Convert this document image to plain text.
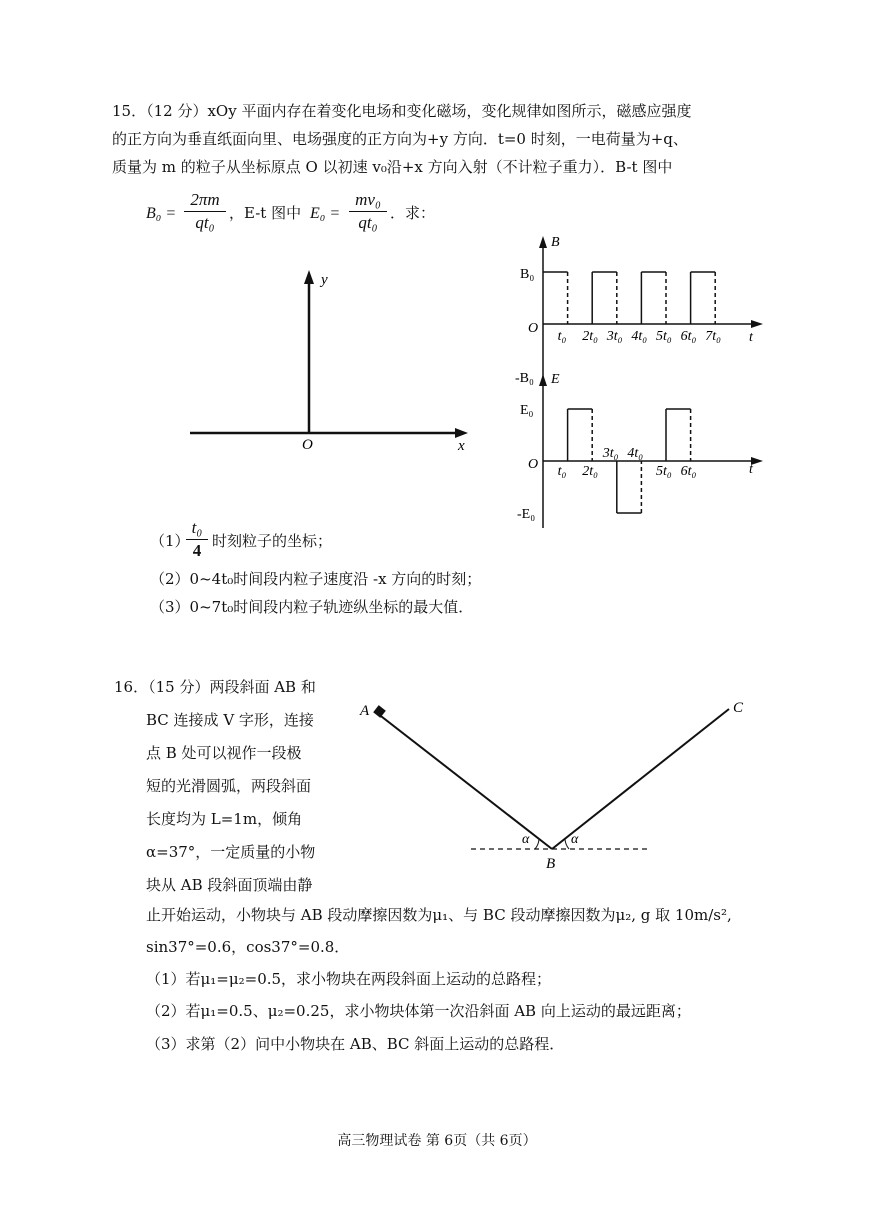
15．（12 分）xOy 平面内存在着变化电场和变化磁场，变化规律如图所示，磁感应强度
的正方向为垂直纸面向里、电场强度的正方向为+y 方向．t=0 时刻，一电荷量为+q、
质量为 m 的粒子从坐标原点 O 以初速 v₀沿+x 方向入射（不计粒子重力）．B-t 图中
B₀ =
2πm
qt₀ ，E-t 图中 E₀ =
mv₀
qt₀ ．求：
y
O	x
B
B₀
O
-B₀
t
t₀ 2t₀ 3t₀ 4t₀ 5t₀ 6t₀ 7t₀
E
E₀
O
-E₀
t
t₀ 2t₀	5t₀ 6t₀
3t₀ 4t₀
（1）
t₀
4 时刻粒子的坐标；
（2）0~4t₀时间段内粒子速度沿 -x 方向的时刻；
（3）0~7t₀时间段内粒子轨迹纵坐标的最大值．
16．（15 分）两段斜面 AB 和
BC 连接成 V 字形，连接
点 B 处可以视作一段极
短的光滑圆弧，两段斜面
长度均为 L=1m，倾角
α=37°，一定质量的小物
块从 AB 段斜面顶端由静
A	C
B
α	α
止开始运动，小物块与 AB 段动摩擦因数为μ₁、与 BC 段动摩擦因数为μ₂, g 取 10m/s²,
sin37°=0.6，cos37°=0.8．
（1）若μ₁=μ₂=0.5，求小物块在两段斜面上运动的总路程；
（2）若μ₁=0.5、μ₂=0.25，求小物块体第一次沿斜面 AB 向上运动的最远距离；
（3）求第（2）问中小物块在 AB、BC 斜面上运动的总路程．
高三物理试卷 第 6页（共 6页）
